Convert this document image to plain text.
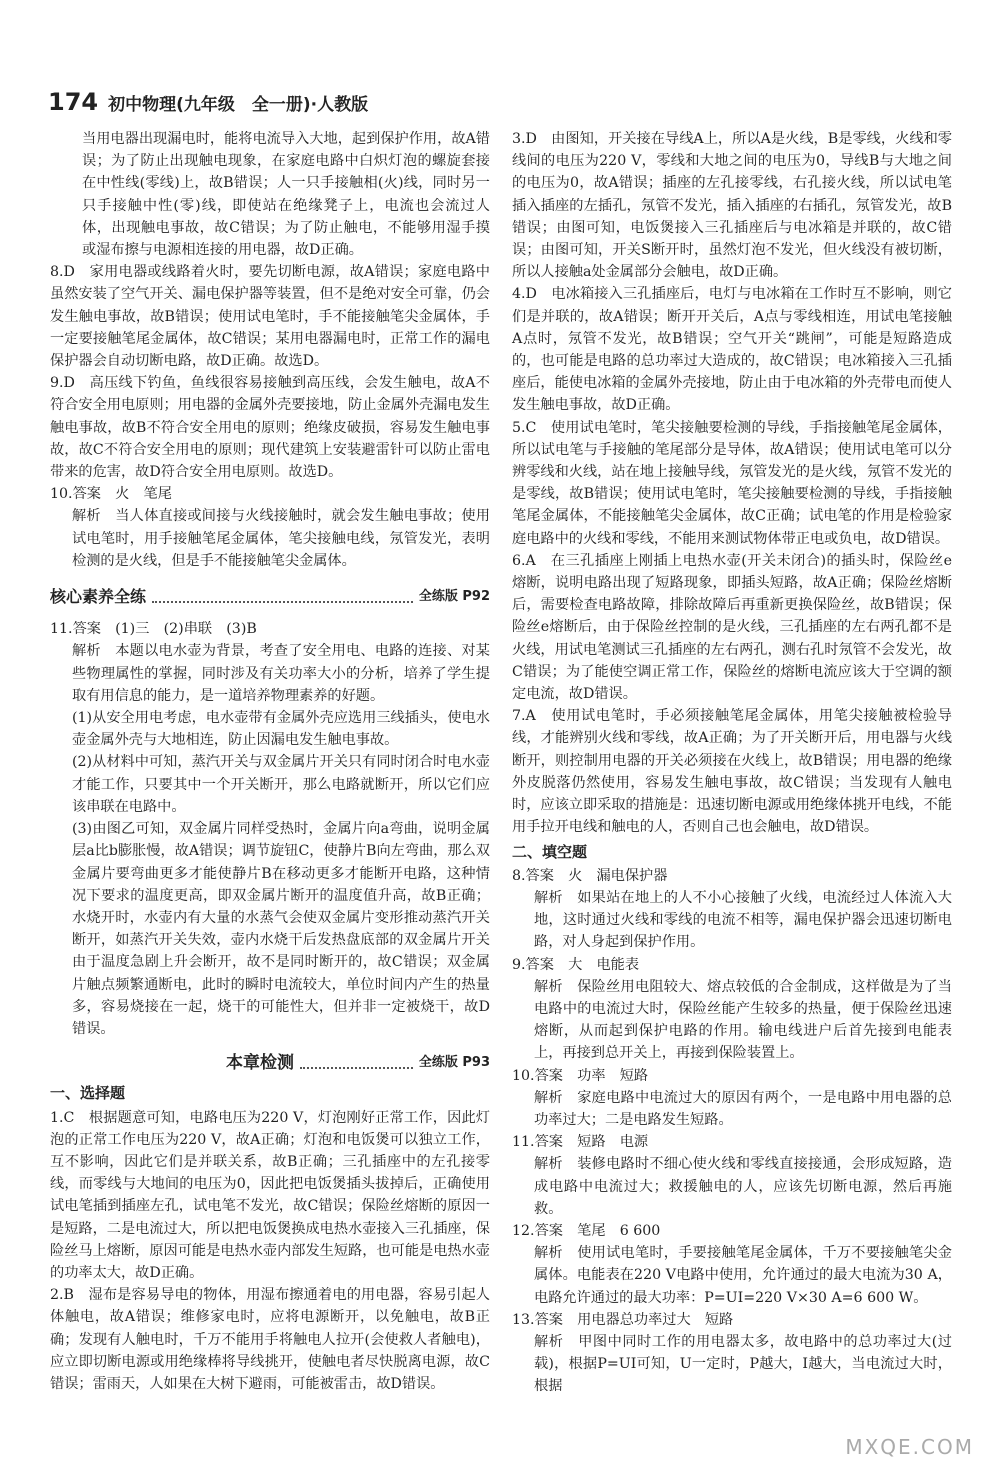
174 初中物理(九年级　全一册)·人教版

当用电器出现漏电时，能将电流导入大地，起到保护作用，故A错误；为了防止出现触电现象，在家庭电路中白炽灯泡的螺旋套接在中性线(零线)上，故B错误；人一只手接触相(火)线，同时另一只手接触中性(零)线，即使站在绝缘凳子上，电流也会流过人体，出现触电事故，故C错误；为了防止触电，不能够用湿手摸或湿布擦与电源相连接的用电器，故D正确。

8.D　家用电器或线路着火时，要先切断电源，故A错误；家庭电路中虽然安装了空气开关、漏电保护器等装置，但不是绝对安全可靠，仍会发生触电事故，故B错误；使用试电笔时，手不能接触笔尖金属体，手一定要接触笔尾金属体，故C错误；某用电器漏电时，正常工作的漏电保护器会自动切断电路，故D正确。故选D。

9.D　高压线下钓鱼，鱼线很容易接触到高压线，会发生触电，故A不符合安全用电原则；用电器的金属外壳要接地，防止金属外壳漏电发生触电事故，故B不符合安全用电的原则；绝缘皮破损，容易发生触电事故，故C不符合安全用电的原则；现代建筑上安装避雷针可以防止雷电带来的危害，故D符合安全用电原则。故选D。

10.答案　火　笔尾

解析　当人体直接或间接与火线接触时，就会发生触电事故；使用试电笔时，用手接触笔尾金属体，笔尖接触电线，氖管发光，表明检测的是火线，但是手不能接触笔尖金属体。

核心素养全练	全练版 P92

11.答案　(1)三　(2)串联　(3)B

解析　本题以电水壶为背景，考查了安全用电、电路的连接、对某些物理属性的掌握，同时涉及有关功率大小的分析，培养了学生提取有用信息的能力，是一道培养物理素养的好题。

(1)从安全用电考虑，电水壶带有金属外壳应选用三线插头，使电水壶金属外壳与大地相连，防止因漏电发生触电事故。

(2)从材料中可知，蒸汽开关与双金属片开关只有同时闭合时电水壶才能工作，只要其中一个开关断开，那么电路就断开，所以它们应该串联在电路中。

(3)由图乙可知，双金属片同样受热时，金属片向a弯曲，说明金属层a比b膨胀慢，故A错误；调节旋钮C，使静片B向左弯曲，那么双金属片要弯曲更多才能使静片B在移动更多才能断开电路，这种情况下要求的温度更高，即双金属片断开的温度值升高，故B正确；水烧开时，水壶内有大量的水蒸气会使双金属片变形推动蒸汽开关断开，如蒸汽开关失效，壶内水烧干后发热盘底部的双金属片开关由于温度急剧上升会断开，故不是同时断开的，故C错误；双金属片触点频繁通断电，此时的瞬时电流较大，单位时间内产生的热量多，容易烧接在一起，烧干的可能性大，但并非一定被烧干，故D错误。

本章检测	全练版 P93

一、选择题

1.C　根据题意可知，电路电压为220 V，灯泡刚好正常工作，因此灯泡的正常工作电压为220 V，故A正确；灯泡和电饭煲可以独立工作，互不影响，因此它们是并联关系，故B正确；三孔插座中的左孔接零线，而零线与大地间的电压为0，因此把电饭煲插头拔掉后，正确使用试电笔插到插座左孔，试电笔不发光，故C错误；保险丝熔断的原因一是短路，二是电流过大，所以把电饭煲换成电热水壶接入三孔插座，保险丝马上熔断，原因可能是电热水壶内部发生短路，也可能是电热水壶的功率太大，故D正确。

2.B　湿布是容易导电的物体，用湿布擦通着电的用电器，容易引起人体触电，故A错误；维修家电时，应将电源断开，以免触电，故B正确；发现有人触电时，千万不能用手将触电人拉开(会使救人者触电)，应立即切断电源或用绝缘棒将导线挑开，使触电者尽快脱离电源，故C错误；雷雨天，人如果在大树下避雨，可能被雷击，故D错误。

3.D　由图知，开关接在导线A上，所以A是火线，B是零线，火线和零线间的电压为220 V，零线和大地之间的电压为0，导线B与大地之间的电压为0，故A错误；插座的左孔接零线，右孔接火线，所以试电笔插入插座的左插孔，氖管不发光，插入插座的右插孔，氖管发光，故B错误；由图可知，电饭煲接入三孔插座后与电冰箱是并联的，故C错误；由图可知，开关S断开时，虽然灯泡不发光，但火线没有被切断，所以人接触a处金属部分会触电，故D正确。

4.D　电冰箱接入三孔插座后，电灯与电冰箱在工作时互不影响，则它们是并联的，故A错误；断开开关后，A点与零线相连，用试电笔接触A点时，氖管不发光，故B错误；空气开关“跳闸”，可能是短路造成的，也可能是电路的总功率过大造成的，故C错误；电冰箱接入三孔插座后，能使电冰箱的金属外壳接地，防止由于电冰箱的外壳带电而使人发生触电事故，故D正确。

5.C　使用试电笔时，笔尖接触要检测的导线，手指接触笔尾金属体，所以试电笔与手接触的笔尾部分是导体，故A错误；使用试电笔可以分辨零线和火线，站在地上接触导线，氖管发光的是火线，氖管不发光的是零线，故B错误；使用试电笔时，笔尖接触要检测的导线，手指接触笔尾金属体，不能接触笔尖金属体，故C正确；试电笔的作用是检验家庭电路中的火线和零线，不能用来测试物体带正电或负电，故D错误。

6.A　在三孔插座上刚插上电热水壶(开关未闭合)的插头时，保险丝e熔断，说明电路出现了短路现象，即插头短路，故A正确；保险丝熔断后，需要检查电路故障，排除故障后再重新更换保险丝，故B错误；保险丝e熔断后，由于保险丝控制的是火线，三孔插座的左右两孔都不是火线，用试电笔测试三孔插座的左右两孔，测右孔时氖管不会发光，故C错误；为了能使空调正常工作，保险丝的熔断电流应该大于空调的额定电流，故D错误。

7.A　使用试电笔时，手必须接触笔尾金属体，用笔尖接触被检验导线，才能辨别火线和零线，故A正确；为了开关断开后，用电器与火线断开，则控制用电器的开关必须接在火线上，故B错误；用电器的绝缘外皮脱落仍然使用，容易发生触电事故，故C错误；当发现有人触电时，应该立即采取的措施是：迅速切断电源或用绝缘体挑开电线，不能用手拉开电线和触电的人，否则自己也会触电，故D错误。

二、填空题

8.答案　火　漏电保护器

解析　如果站在地上的人不小心接触了火线，电流经过人体流入大地，这时通过火线和零线的电流不相等，漏电保护器会迅速切断电路，对人身起到保护作用。

9.答案　大　电能表

解析　保险丝用电阻较大、熔点较低的合金制成，这样做是为了当电路中的电流过大时，保险丝能产生较多的热量，便于保险丝迅速熔断，从而起到保护电路的作用。输电线进户后首先接到电能表上，再接到总开关上，再接到保险装置上。

10.答案　功率　短路

解析　家庭电路中电流过大的原因有两个，一是电路中用电器的总功率过大；二是电路发生短路。

11.答案　短路　电源

解析　装修电路时不细心使火线和零线直接接通，会形成短路，造成电路中电流过大；救援触电的人，应该先切断电源，然后再施救。

12.答案　笔尾　6 600

解析　使用试电笔时，手要接触笔尾金属体，千万不要接触笔尖金属体。电能表在220 V电路中使用，允许通过的最大电流为30 A，电路允许通过的最大功率：P=UI=220 V×30 A=6 600 W。

13.答案　用电器总功率过大　短路

解析　甲图中同时工作的用电器太多，故电路中的总功率过大(过载)，根据P=UI可知，U一定时，P越大，I越大，当电流过大时，根据

MXQE.COM
